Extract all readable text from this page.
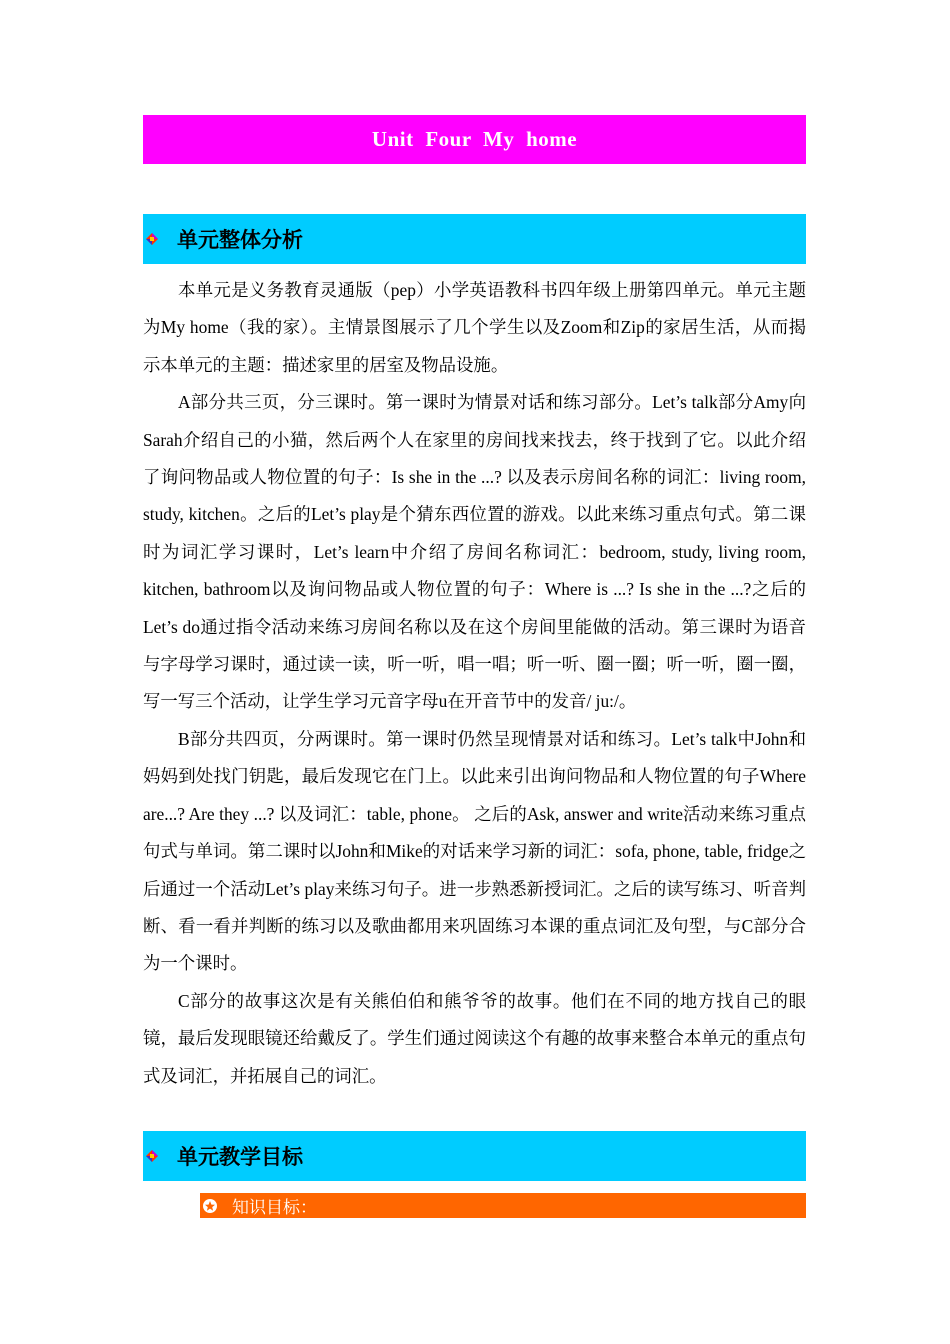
Unit Four My home
单元整体分析

本单元是义务教育灵通版（pep）小学英语教科书四年级上册第四单元。单元主题为My home（我的家）。主情景图展示了几个学生以及Zoom和Zip的家居生活，从而揭示本单元的主题：描述家里的居室及物品设施。

A部分共三页，分三课时。第一课时为情景对话和练习部分。Let’s talk部分Amy向Sarah介绍自己的小猫，然后两个人在家里的房间找来找去，终于找到了它。以此介绍了询问物品或人物位置的句子：Is she in the ...? 以及表示房间名称的词汇：living room, study, kitchen。之后的Let’s play是个猜东西位置的游戏。以此来练习重点句式。第二课时为词汇学习课时，Let’s learn中介绍了房间名称词汇：bedroom, study, living room, kitchen, bathroom以及询问物品或人物位置的句子：Where is ...? Is she in the ...?之后的Let’s do通过指令活动来练习房间名称以及在这个房间里能做的活动。第三课时为语音与字母学习课时，通过读一读，听一听，唱一唱；听一听、圈一圈；听一听，圈一圈，写一写三个活动，让学生学习元音字母u在开音节中的发音/ ju:/。

B部分共四页，分两课时。第一课时仍然呈现情景对话和练习。Let’s talk中John和妈妈到处找门钥匙，最后发现它在门上。以此来引出询问物品和人物位置的句子Where are...? Are they ...? 以及词汇：table, phone。 之后的Ask, answer and write活动来练习重点句式与单词。第二课时以John和Mike的对话来学习新的词汇：sofa, phone, table, fridge之后通过一个活动Let’s play来练习句子。进一步熟悉新授词汇。之后的读写练习、听音判断、看一看并判断的练习以及歌曲都用来巩固练习本课的重点词汇及句型，与C部分合为一个课时。

C部分的故事这次是有关熊伯伯和熊爷爷的故事。他们在不同的地方找自己的眼镜，最后发现眼镜还给戴反了。学生们通过阅读这个有趣的故事来整合本单元的重点句式及词汇，并拓展自己的词汇。

单元教学目标
知识目标：
